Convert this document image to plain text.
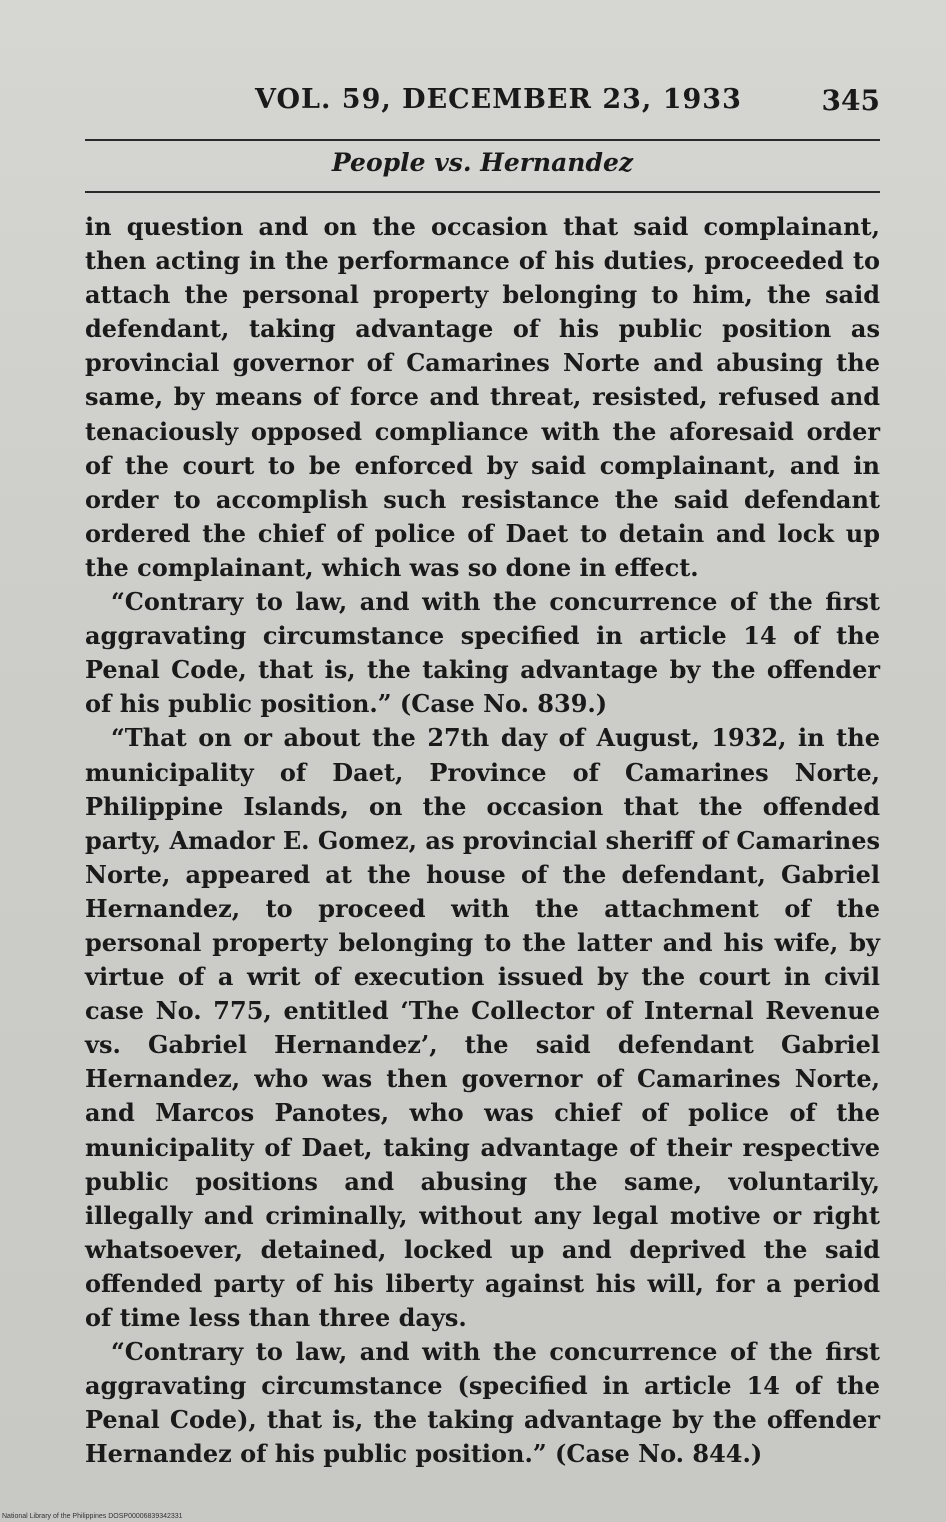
VOL. 59, DECEMBER 23, 1933	345
People vs. Hernandez

in question and on the occasion that said complainant, then acting in the performance of his duties, proceeded to attach the personal property belonging to him, the said defendant, taking advantage of his public position as provincial governor of Camarines Norte and abusing the same, by means of force and threat, resisted, refused and tenaciously opposed compliance with the aforesaid order of the court to be enforced by said complainant, and in order to accomplish such resistance the said defendant ordered the chief of police of Daet to detain and lock up the complainant, which was so done in effect.

“Contrary to law, and with the concurrence of the first aggravating circumstance specified in article 14 of the Penal Code, that is, the taking advantage by the offender of his public position.” (Case No. 839.)

“That on or about the 27th day of August, 1932, in the municipality of Daet, Province of Camarines Norte, Philippine Islands, on the occasion that the offended party, Amador E. Gomez, as provincial sheriff of Camarines Norte, appeared at the house of the defendant, Gabriel Hernandez, to proceed with the attachment of the personal property belonging to the latter and his wife, by virtue of a writ of execution issued by the court in civil case No. 775, entitled ‘The Collector of Internal Revenue vs. Gabriel Hernandez’, the said defendant Gabriel Hernandez, who was then governor of Camarines Norte, and Marcos Panotes, who was chief of police of the municipality of Daet, taking advantage of their respective public positions and abusing the same, voluntarily, illegally and criminally, without any legal motive or right whatsoever, detained, locked up and deprived the said offended party of his liberty against his will, for a period of time less than three days.

“Contrary to law, and with the concurrence of the first aggravating circumstance (specified in article 14 of the Penal Code), that is, the taking advantage by the offender Hernandez of his public position.” (Case No. 844.)

National Library of the Philippines DOSP00006839342331
